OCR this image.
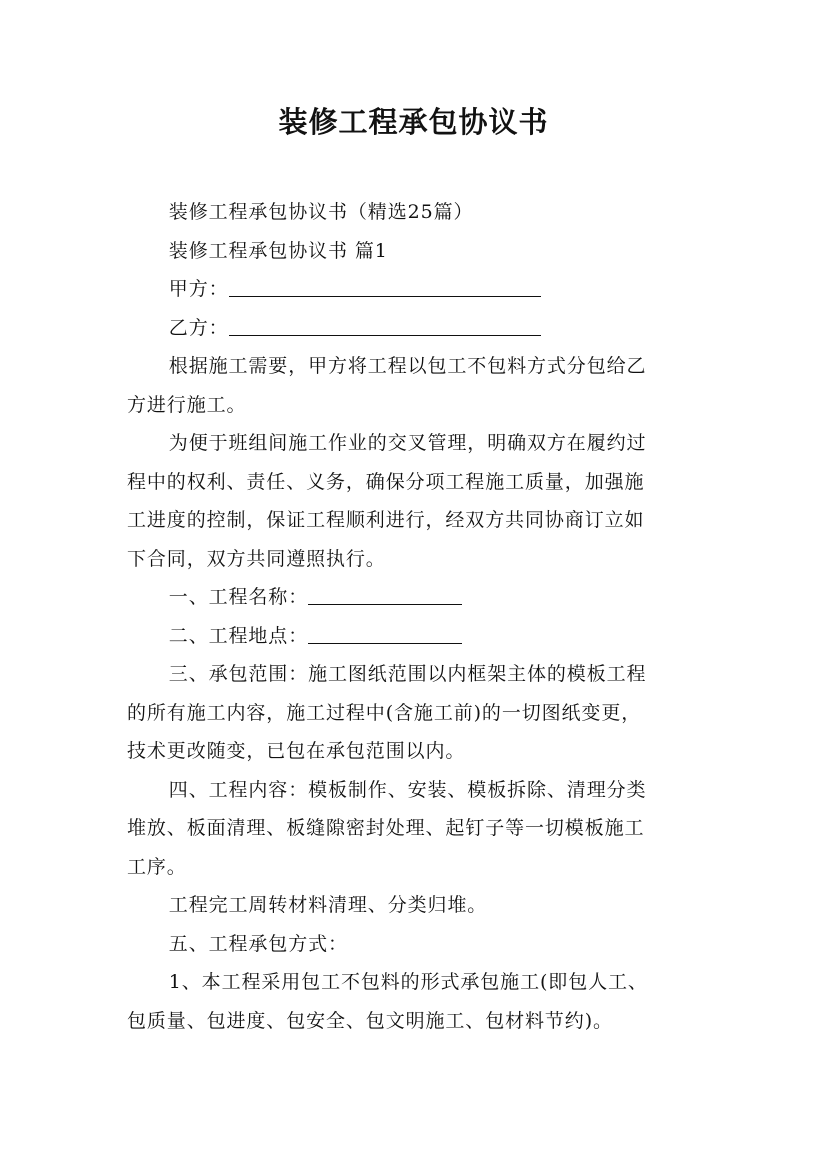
装修工程承包协议书

装修工程承包协议书（精选25篇）

装修工程承包协议书 篇1

甲方：

乙方：

根据施工需要，甲方将工程以包工不包料方式分包给乙
方进行施工。

为便于班组间施工作业的交叉管理，明确双方在履约过
程中的权利、责任、义务，确保分项工程施工质量，加强施
工进度的控制，保证工程顺利进行，经双方共同协商订立如
下合同，双方共同遵照执行。

一、工程名称：

二、工程地点：

三、承包范围：施工图纸范围以内框架主体的模板工程
的所有施工内容，施工过程中(含施工前)的一切图纸变更，
技术更改随变，已包在承包范围以内。

四、工程内容：模板制作、安装、模板拆除、清理分类
堆放、板面清理、板缝隙密封处理、起钉子等一切模板施工
工序。

工程完工周转材料清理、分类归堆。

五、工程承包方式：

1、本工程采用包工不包料的形式承包施工(即包人工、
包质量、包进度、包安全、包文明施工、包材料节约)。
